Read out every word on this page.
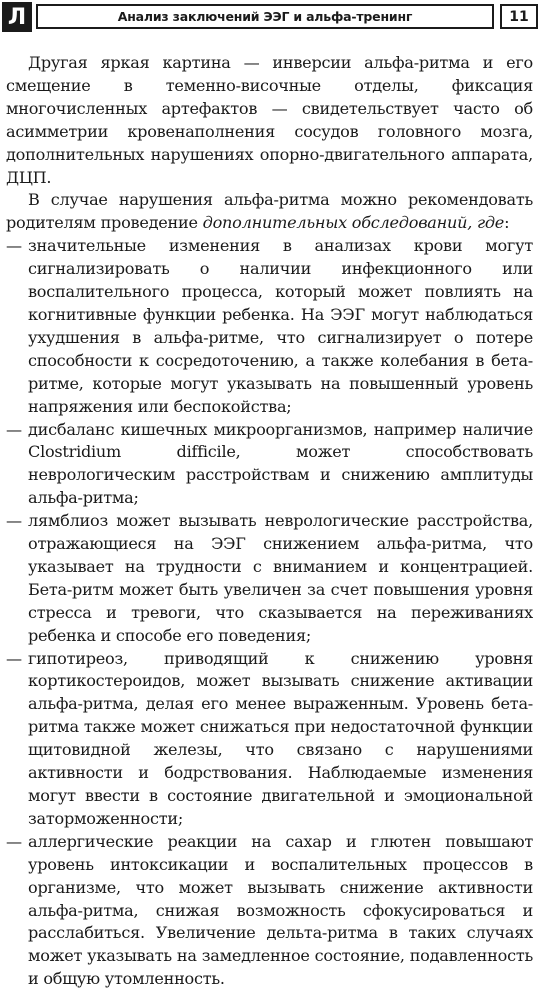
Л	Анализ заключений ЭЭГ и альфа-тренинг	11

Другая яркая картина — инверсии альфа-ритма и его смещение в теменно-височные отделы, фиксация многочисленных артефактов — свидетельствует часто об асимметрии кровенаполнения сосудов головного мозга, дополнительных нарушениях опорно-двигательного аппарата, ДЦП.

В случае нарушения альфа-ритма можно рекомендовать родителям проведение дополнительных обследований, где:

— значительные изменения в анализах крови могут сигнализировать о наличии инфекционного или воспалительного процесса, который может повлиять на когнитивные функции ребенка. На ЭЭГ могут наблюдаться ухудшения в альфа-ритме, что сигнализирует о потере способности к сосредоточению, а также колебания в бета-ритме, которые могут указывать на повышенный уровень напряжения или беспокойства;
— дисбаланс кишечных микроорганизмов, например наличие Clostridium difficile, может способствовать неврологическим расстройствам и снижению амплитуды альфа-ритма;
— лямблиоз может вызывать неврологические расстройства, отражающиеся на ЭЭГ снижением альфа-ритма, что указывает на трудности с вниманием и концентрацией. Бета-ритм может быть увеличен за счет повышения уровня стресса и тревоги, что сказывается на переживаниях ребенка и способе его поведения;
— гипотиреоз, приводящий к снижению уровня кортикостероидов, может вызывать снижение активации альфа-ритма, делая его менее выраженным. Уровень бета-ритма также может снижаться при недостаточной функции щитовидной железы, что связано с нарушениями активности и бодрствования. Наблюдаемые изменения могут ввести в состояние двигательной и эмоциональной заторможенности;
— аллергические реакции на сахар и глютен повышают уровень интоксикации и воспалительных процессов в организме, что может вызывать снижение активности альфа-ритма, снижая возможность сфокусироваться и расслабиться. Увеличение дельта-ритма в таких случаях может указывать на замедленное состояние, подавленность и общую утомленность.
